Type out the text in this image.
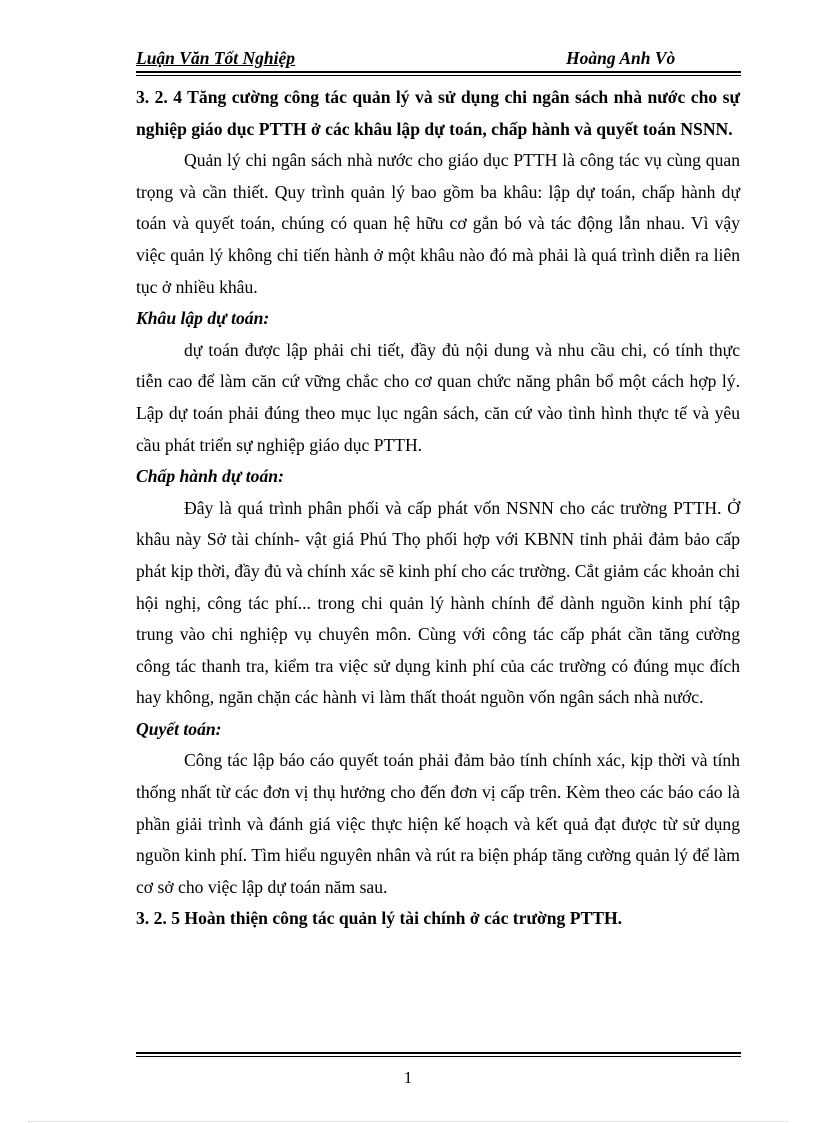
Luận Văn Tốt Nghiệp	Hoàng Anh Vò

3. 2. 4 Tăng cường công tác quản lý và sử dụng chi ngân sách nhà nước cho sự nghiệp giáo dục PTTH ở các khâu lập dự toán, chấp hành và quyết toán NSNN.

Quản lý chi ngân sách nhà nước cho giáo dục PTTH là công tác vụ cùng quan trọng và cần thiết. Quy trình quản lý bao gồm ba khâu: lập dự toán, chấp hành dự toán và quyết toán, chúng có quan hệ hữu cơ gắn bó và tác động lẫn nhau. Vì vậy việc quản lý không chỉ tiến hành ở một khâu nào đó mà phải là quá trình diễn ra liên tục ở nhiều khâu.

Khâu lập dự toán:

dự toán được lập phải chi tiết, đầy đủ nội dung và nhu cầu chi, có tính thực tiễn cao để làm căn cứ vững chắc cho cơ quan chức năng phân bổ một cách hợp lý. Lập dự toán phải đúng theo mục lục ngân sách, căn cứ vào tình hình thực tế và yêu cầu phát triển sự nghiệp giáo dục PTTH.

Chấp hành dự toán:

Đây là quá trình phân phối và cấp phát vốn NSNN cho các trường PTTH. Ở khâu này Sở tài chính- vật giá Phú Thọ phối hợp với KBNN tỉnh phải đảm bảo cấp phát kịp thời, đầy đủ và chính xác sẽ kinh phí cho các trường. Cắt giảm các khoản chi hội nghị, công tác phí... trong chi quản lý hành chính để dành nguồn kinh phí tập trung vào chi nghiệp vụ chuyên môn. Cùng với công tác cấp phát cần tăng cường công tác thanh tra, kiểm tra việc sử dụng kinh phí của các trường có đúng mục đích hay không, ngăn chặn các hành vi làm thất thoát nguồn vốn ngân sách nhà nước.

Quyết toán:

Công tác lập báo cáo quyết toán phải đảm bảo tính chính xác, kịp thời và tính thống nhất từ các đơn vị thụ hưởng cho đến đơn vị cấp trên. Kèm theo các báo cáo là phần giải trình và đánh giá việc thực hiện kế hoạch và kết quả đạt được từ sử dụng nguồn kinh phí. Tìm hiểu nguyên nhân và rút ra biện pháp tăng cường quản lý để làm cơ sở cho việc lập dự toán năm sau.

3. 2. 5 Hoàn thiện công tác quản lý tài chính ở các trường PTTH.

1
